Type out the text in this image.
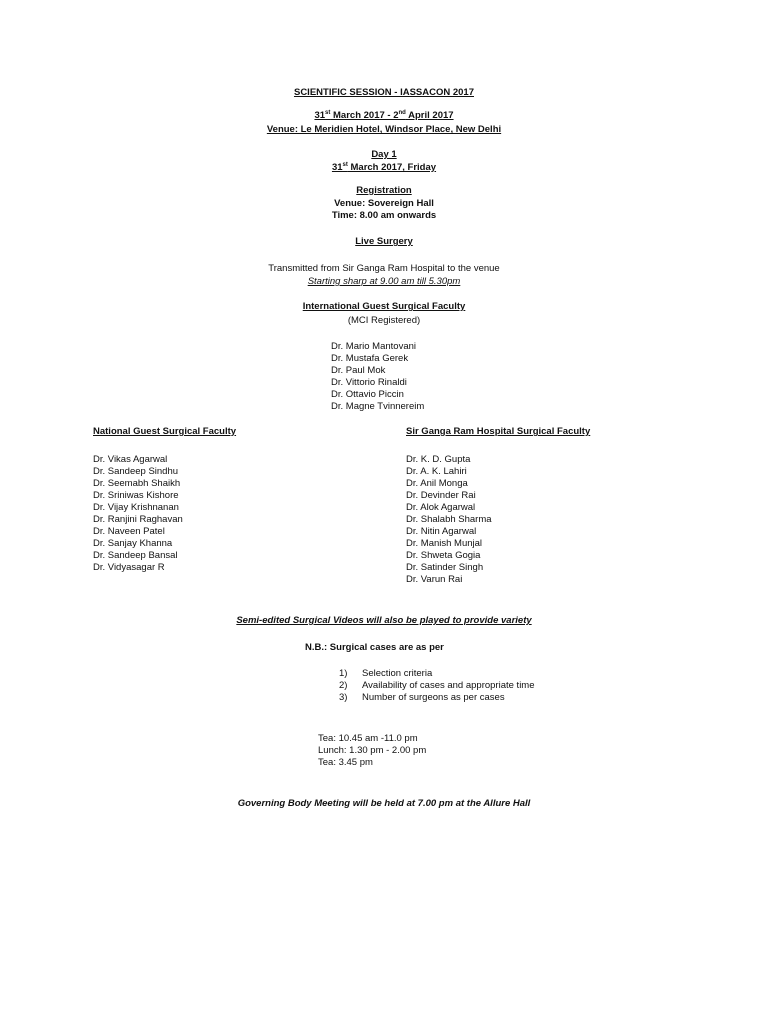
SCIENTIFIC SESSION - IASSACON 2017
31st March 2017 - 2nd April 2017
Venue: Le Meridien Hotel, Windsor Place, New Delhi
Day 1
31st March 2017, Friday
Registration
Venue: Sovereign Hall
Time: 8.00 am onwards
Live Surgery
Transmitted from Sir Ganga Ram Hospital to the venue
Starting sharp at 9.00 am till 5.30pm
International Guest Surgical Faculty
(MCI Registered)
Dr. Mario Mantovani
Dr. Mustafa Gerek
Dr. Paul Mok
Dr. Vittorio Rinaldi
Dr. Ottavio Piccin
Dr. Magne Tvinnereim
National Guest Surgical Faculty
Dr. Vikas Agarwal
Dr. Sandeep Sindhu
Dr. Seemabh Shaikh
Dr. Sriniwas Kishore
Dr. Vijay Krishnanan
Dr. Ranjini Raghavan
Dr. Naveen Patel
Dr. Sanjay Khanna
Dr. Sandeep Bansal
Dr. Vidyasagar R
Sir Ganga Ram Hospital Surgical Faculty
Dr. K. D. Gupta
Dr. A. K. Lahiri
Dr. Anil Monga
Dr. Devinder Rai
Dr. Alok Agarwal
Dr. Shalabh Sharma
Dr. Nitin Agarwal
Dr. Manish Munjal
Dr. Shweta Gogia
Dr. Satinder Singh
Dr. Varun Rai
Semi-edited Surgical Videos will also be played to provide variety
N.B.: Surgical cases are as per
1) Selection criteria
2) Availability of cases and appropriate time
3) Number of surgeons as per cases
Tea: 10.45 am -11.0 pm
Lunch: 1.30 pm - 2.00 pm
Tea: 3.45 pm
Governing Body Meeting will be held at 7.00 pm at the Allure Hall
